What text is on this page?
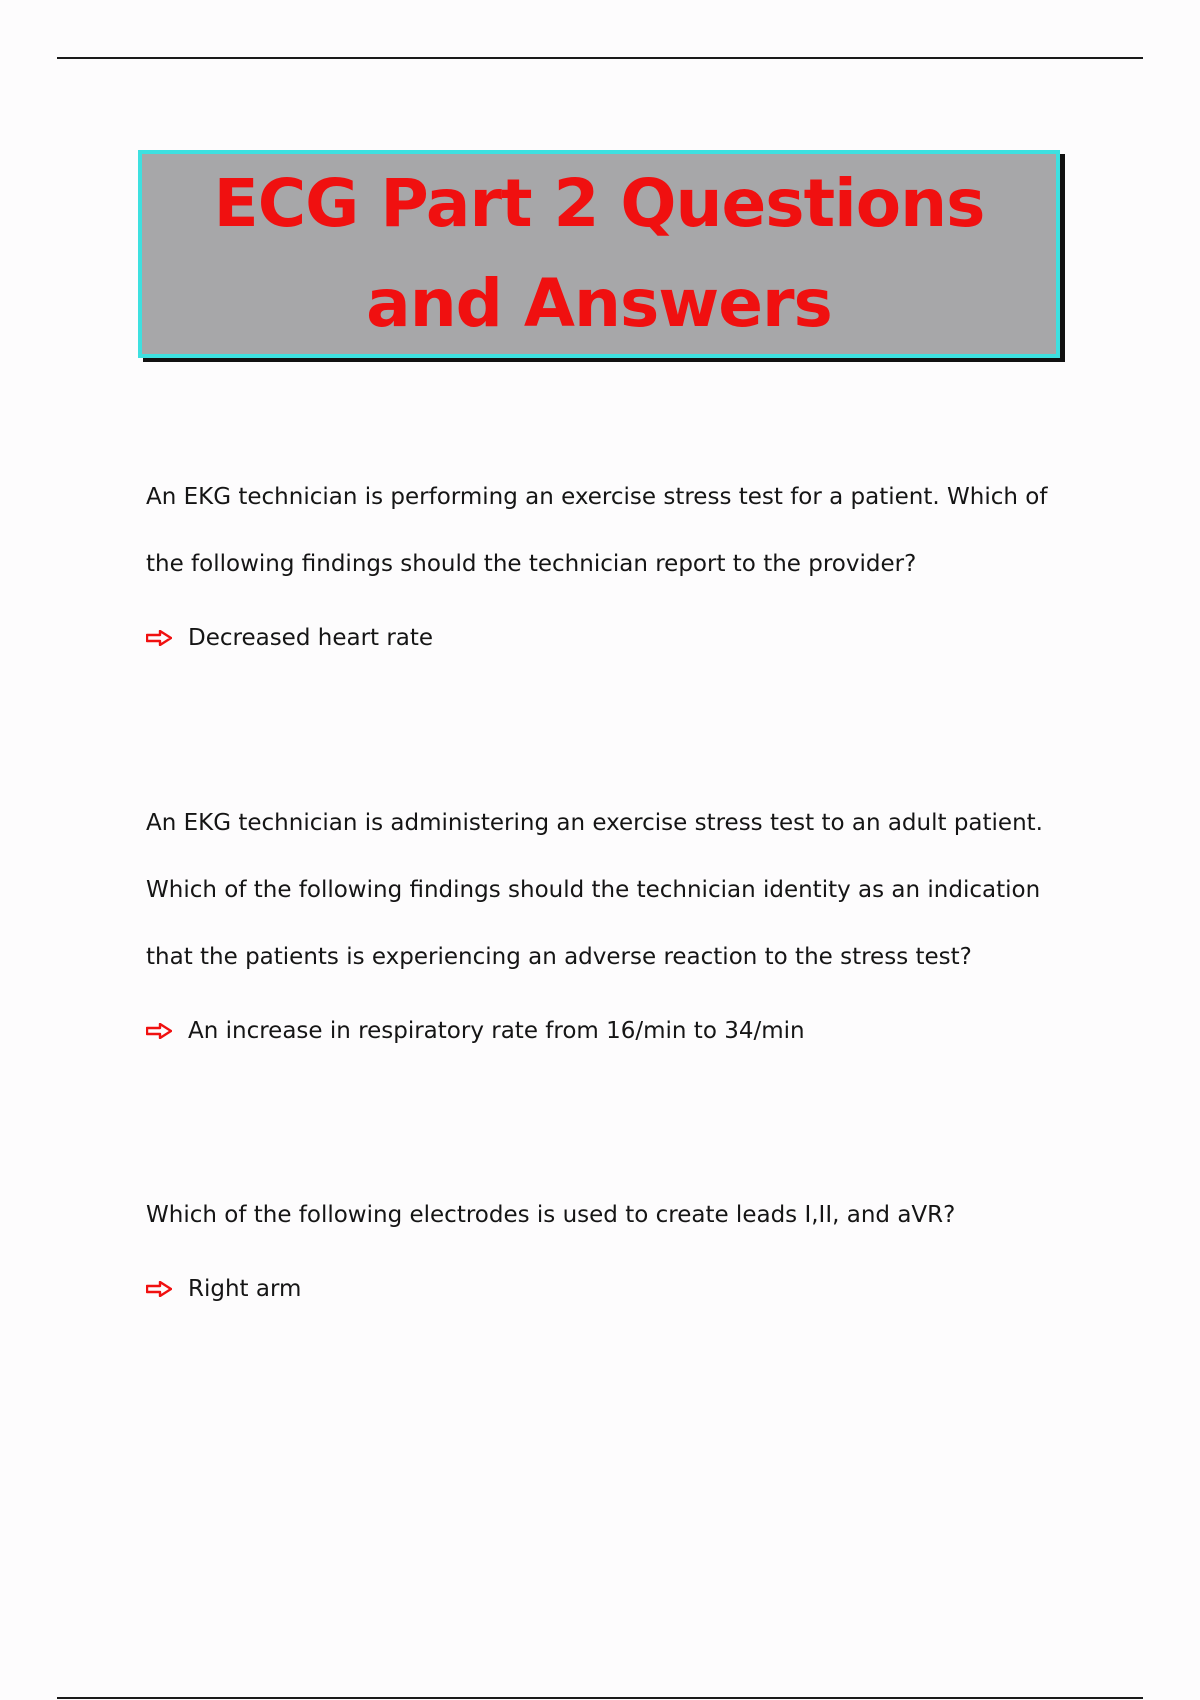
ECG Part 2 Questions and Answers

An EKG technician is performing an exercise stress test for a patient. Which of the following findings should the technician report to the provider?

Decreased heart rate

An EKG technician is administering an exercise stress test to an adult patient. Which of the following findings should the technician identity as an indication that the patients is experiencing an adverse reaction to the stress test?

An increase in respiratory rate from 16/min to 34/min

Which of the following electrodes is used to create leads I,II, and aVR?

Right arm
